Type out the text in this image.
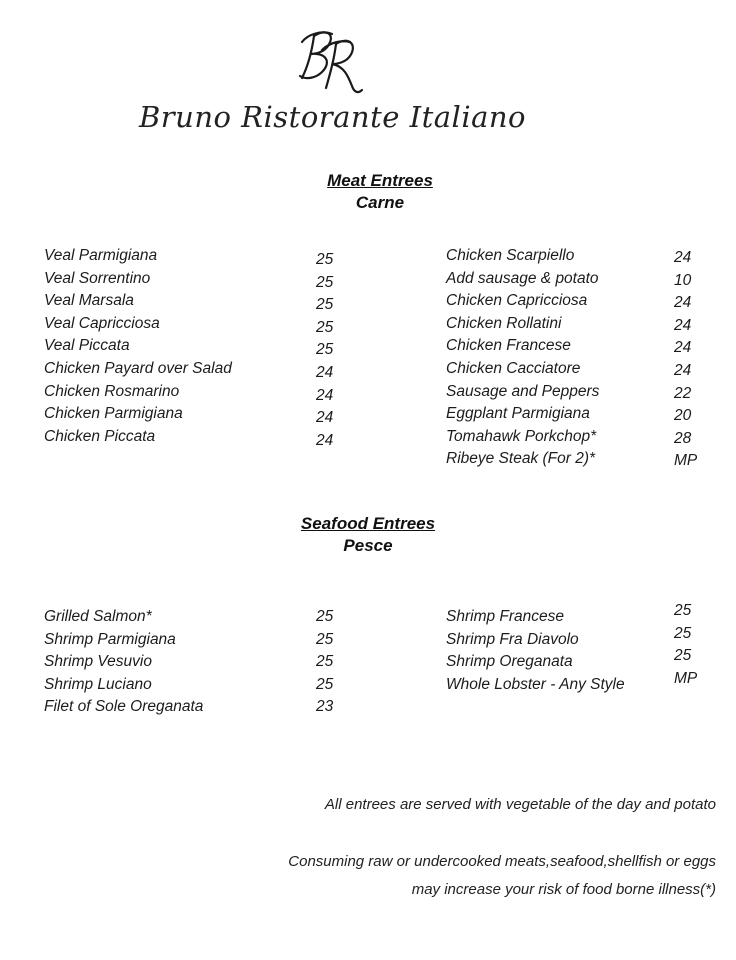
Bruno Ristorante Italiano
Meat Entrees
Carne
Veal Parmigiana	25
Veal Sorrentino	25
Veal Marsala	25
Veal Capricciosa	25
Veal Piccata	25
Chicken Payard over Salad	24
Chicken Rosmarino	24
Chicken Parmigiana	24
Chicken Piccata	24
Chicken Scarpiello	24
Add sausage & potato	10
Chicken Capricciosa	24
Chicken Rollatini	24
Chicken Francese	24
Chicken Cacciatore	24
Sausage and Peppers	22
Eggplant Parmigiana	20
Tomahawk Porkchop*	28
Ribeye Steak (For 2)*	MP
Seafood Entrees
Pesce
Grilled Salmon*	25
Shrimp Parmigiana	25
Shrimp Vesuvio	25
Shrimp Luciano	25
Filet of Sole Oreganata	23
Shrimp Francese	25
Shrimp Fra Diavolo	25
Shrimp Oreganata	25
Whole Lobster - Any Style	MP
All entrees are served with vegetable of the day and potato
Consuming raw or undercooked meats,seafood,shellfish or eggs
may increase your risk of food borne illness(*)
